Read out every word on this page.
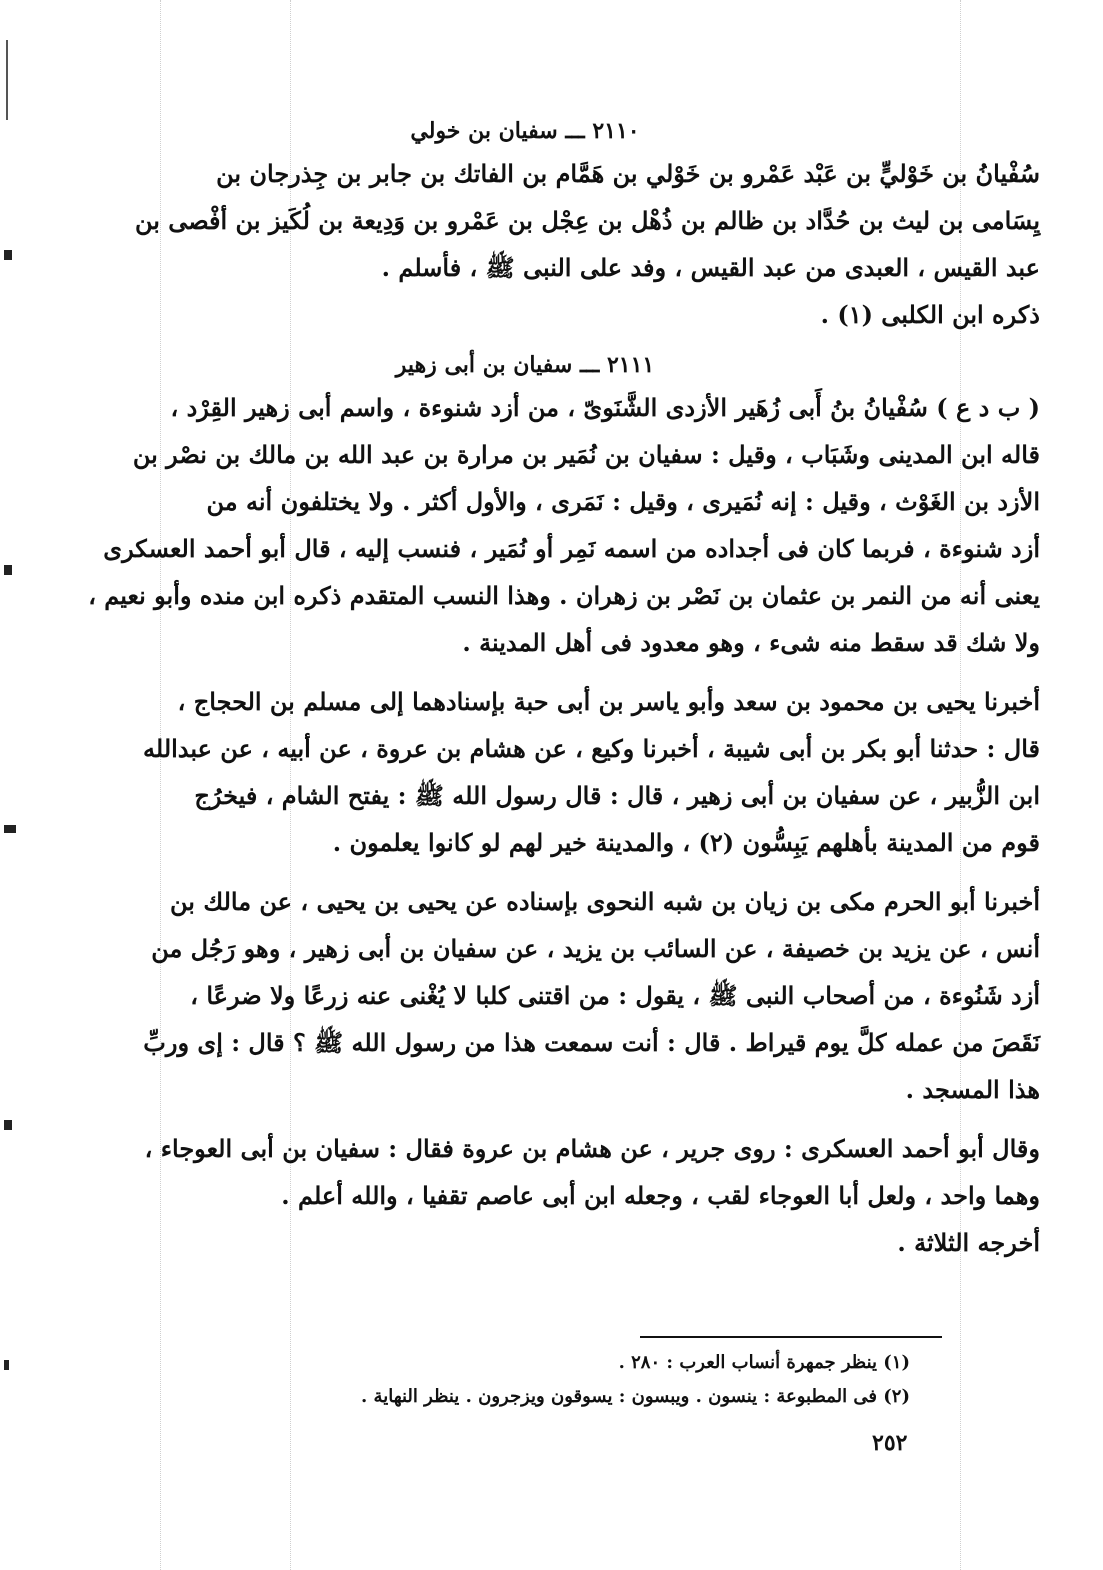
٢١١٠ ـــ سفيان بن خولي

سُفْيانُ بن خَوْليٍّ بن عَبْد عَمْرو بن خَوْلي بن هَمَّام بن الفاتك بن جابر بن جِذرجان بن
يِسَامى بن ليث بن حُدَّاد بن ظالم بن ذُهْل بن عِجْل بن عَمْرو بن وَدِيعة بن لُكَيز بن أفْصى بن
عبد القيس ، العبدى من عبد القيس ، وفد على النبى ﷺ ، فأسلم .

ذكره ابن الكلبى (١) .

٢١١١ ـــ سفيان بن أبى زهير

( ب د ع ) سُفْيانُ بنُ أَبى زُهَير الأزدى الشَّنَوىّ ، من أزد شنوءة ، واسم أبى زهير القِرْد ،
قاله ابن المدينى وشَبَاب ، وقيل : سفيان بن نُمَير بن مرارة بن عبد الله بن مالك بن نصْر بن
الأزد بن الغَوْث ، وقيل : إنه نُمَيرى ، وقيل : نَمَرى ، والأول أكثر . ولا يختلفون أنه من
أزد شنوءة ، فربما كان فى أجداده من اسمه نَمِر أو نُمَير ، فنسب إليه ، قال أبو أحمد العسكرى
يعنى أنه من النمر بن عثمان بن نَصْر بن زهران . وهذا النسب المتقدم ذكره ابن منده وأبو نعيم ،
ولا شك قد سقط منه شىء ، وهو معدود فى أهل المدينة .

أخبرنا يحيى بن محمود بن سعد وأبو ياسر بن أبى حبة بإسنادهما إلى مسلم بن الحجاج ،
قال : حدثنا أبو بكر بن أبى شيبة ، أخبرنا وكيع ، عن هشام بن عروة ، عن أبيه ، عن عبدالله
ابن الزُّبير ، عن سفيان بن أبى زهير ، قال : قال رسول الله ﷺ : يفتح الشام ، فيخرُج
قوم من المدينة بأهلهم يَبِسُّون (٢) ، والمدينة خير لهم لو كانوا يعلمون .

أخبرنا أبو الحرم مكى بن زيان بن شبه النحوى بإسناده عن يحيى بن يحيى ، عن مالك بن
أنس ، عن يزيد بن خصيفة ، عن السائب بن يزيد ، عن سفيان بن أبى زهير ، وهو رَجُل من
أزد شَنُوءة ، من أصحاب النبى ﷺ ، يقول : من اقتنى كلبا لا يُغْنى عنه زرعًا ولا ضرعًا ،
نَقَصَ من عمله كلَّ يوم قيراط . قال : أنت سمعت هذا من رسول الله ﷺ ؟ قال : إى وربِّ
هذا المسجد .

وقال أبو أحمد العسكرى : روى جرير ، عن هشام بن عروة فقال : سفيان بن أبى العوجاء ،
وهما واحد ، ولعل أبا العوجاء لقب ، وجعله ابن أبى عاصم تقفيا ، والله أعلم .

أخرجه الثلاثة .

(١) ينظر جمهرة أنساب العرب : ٢٨٠ .
(٢) فى المطبوعة : ينسون . ويبسون : يسوقون ويزجرون . ينظر النهاية .
٢٥٢
